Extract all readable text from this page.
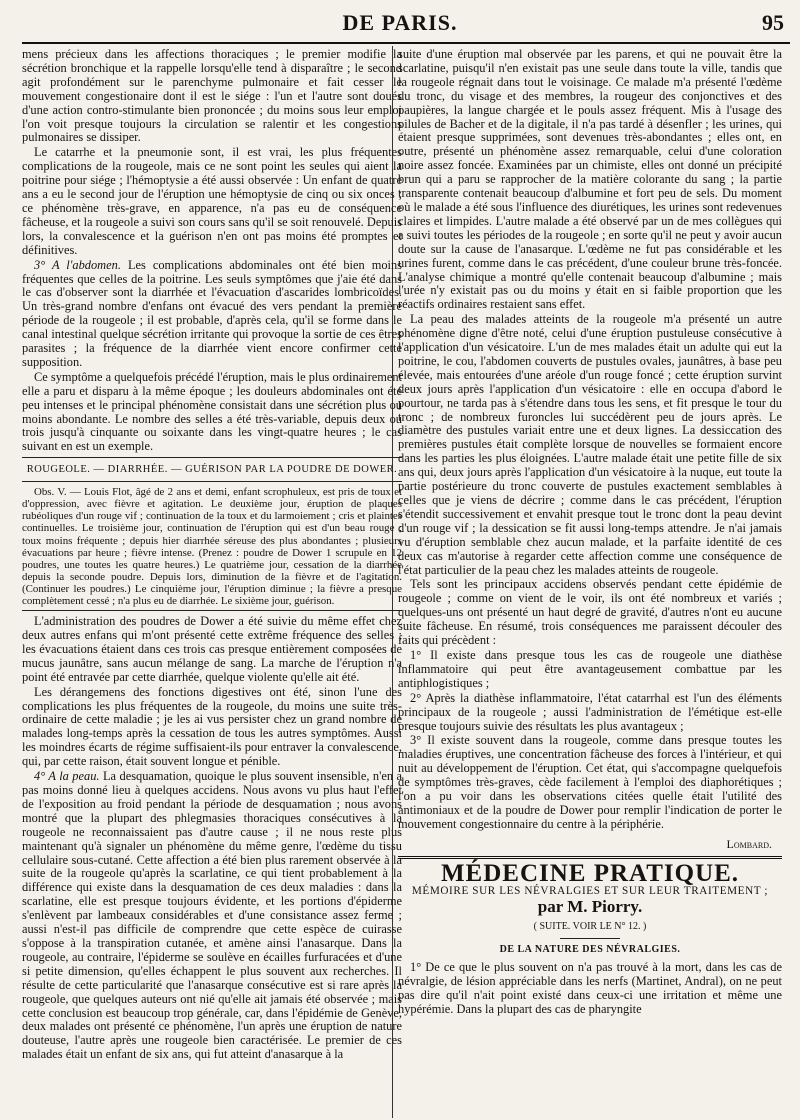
DE PARIS.	95

mens précieux dans les affections thoraciques ; le premier modifie la sécrétion bronchique et la rappelle lorsqu'elle tend à disparaître ; le second agit profondément sur le parenchyme pulmonaire et fait cesser le mouvement congestionaire dont il est le siége : l'un et l'autre sont doués d'une action contro-stimulante bien prononcée ; du moins sous leur emploi l'on voit presque toujours la circulation se ralentir et les congestions pulmonaires se dissiper.

Le catarrhe et la pneumonie sont, il est vrai, les plus fréquentes complications de la rougeole, mais ce ne sont point les seules qui aient la poitrine pour siége ; l'hémoptysie a été aussi observée : Un enfant de quatre ans a eu le second jour de l'éruption une hémoptysie de cinq ou six onces ; ce phénomène très-grave, en apparence, n'a pas eu de conséquence fâcheuse, et la rougeole a suivi son cours sans qu'il se soit renouvelé. Depuis lors, la convalescence et la guérison n'en ont pas moins été promptes et définitives.

3° A l'abdomen. Les complications abdominales ont été bien moins fréquentes que celles de la poitrine. Les seuls symptômes que j'aie été dans le cas d'observer sont la diarrhée et l'évacuation d'ascarides lombricoïdes. Un très-grand nombre d'enfans ont évacué des vers pendant la première période de la rougeole ; il est probable, d'après cela, qu'il se forme dans le canal intestinal quelque sécrétion irritante qui provoque la sortie de ces êtres parasites ; la fréquence de la diarrhée vient encore confirmer cette supposition.

Ce symptôme a quelquefois précédé l'éruption, mais le plus ordinairement elle a paru et disparu à la même époque ; les douleurs abdominales ont été peu intenses et le principal phénomène consistait dans une sécrétion plus ou moins abondante. Le nombre des selles a été très-variable, depuis deux ou trois jusqu'à cinquante ou soixante dans les vingt-quatre heures ; le cas suivant en est un exemple.

ROUGEOLE. — DIARRHÉE. — GUÉRISON PAR LA POUDRE DE DOWER.

Obs. V. — Louis Flot, âgé de 2 ans et demi, enfant scrophuleux, est pris de toux et d'oppression, avec fièvre et agitation. Le deuxième jour, éruption de plaques rubéoliques d'un rouge vif ; continuation de la toux et du larmoiement ; cris et plaintes continuelles. Le troisième jour, continuation de l'éruption qui est d'un beau rouge ; toux moins fréquente ; depuis hier diarrhée séreuse des plus abondantes ; plusieurs évacuations par heure ; fièvre intense. (Prenez : poudre de Dower 1 scrupule en 12 poudres, une toutes les quatre heures.) Le quatrième jour, cessation de la diarrhée depuis la seconde poudre. Depuis lors, diminution de la fièvre et de l'agitation. (Continuer les poudres.) Le cinquième jour, l'éruption diminue ; la fièvre a presque complètement cessé ; n'a plus eu de diarrhée. Le sixième jour, guérison.

L'administration des poudres de Dower a été suivie du même effet chez deux autres enfans qui m'ont présenté cette extrême fréquence des selles ; les évacuations étaient dans ces trois cas presque entièrement composées de mucus jaunâtre, sans aucun mélange de sang. La marche de l'éruption n'a point été entravée par cette diarrhée, quelque violente qu'elle ait été.

Les dérangemens des fonctions digestives ont été, sinon l'une des complications les plus fréquentes de la rougeole, du moins une suite très-ordinaire de cette maladie ; je les ai vus persister chez un grand nombre de malades long-temps après la cessation de tous les autres symptômes. Aussi les moindres écarts de régime suffisaient-ils pour entraver la convalescence, qui, par cette raison, était souvent longue et pénible.

4° A la peau. La desquamation, quoique le plus souvent insensible, n'en a pas moins donné lieu à quelques accidens. Nous avons vu plus haut l'effet de l'exposition au froid pendant la période de desquamation ; nous avons montré que la plupart des phlegmasies thoraciques consécutives à la rougeole ne reconnaissaient pas d'autre cause ; il ne nous reste plus maintenant qu'à signaler un phénomène du même genre, l'œdème du tissu cellulaire sous-cutané. Cette affection a été bien plus rarement observée à la suite de la rougeole qu'après la scarlatine, ce qui tient probablement à la différence qui existe dans la desquamation de ces deux maladies : dans la scarlatine, elle est presque toujours évidente, et les portions d'épiderme s'enlèvent par lambeaux considérables et d'une consistance assez ferme ; aussi n'est-il pas difficile de comprendre que cette espèce de cuirasse s'oppose à la transpiration cutanée, et amène ainsi l'anasarque. Dans la rougeole, au contraire, l'épiderme se soulève en écailles furfuracées et d'une si petite dimension, qu'elles échappent le plus souvent aux recherches. Il résulte de cette particularité que l'anasarque consécutive est si rare après la rougeole, que quelques auteurs ont nié qu'elle ait jamais été observée ; mais cette conclusion est beaucoup trop générale, car, dans l'épidémie de Genève, deux malades ont présenté ce phénomène, l'un après une éruption de nature douteuse, l'autre après une rougeole bien caractérisée. Le premier de ces malades était un enfant de six ans, qui fut atteint d'anasarque à la

suite d'une éruption mal observée par les parens, et qui ne pouvait être la scarlatine, puisqu'il n'en existait pas une seule dans toute la ville, tandis que la rougeole régnait dans tout le voisinage. Ce malade m'a présenté l'œdème du tronc, du visage et des membres, la rougeur des conjonctives et des paupières, la langue chargée et le pouls assez fréquent. Mis à l'usage des pilules de Bacher et de la digitale, il n'a pas tardé à désenfler ; les urines, qui étaient presque supprimées, sont devenues très-abondantes ; elles ont, en outre, présenté un phénomène assez remarquable, celui d'une coloration noire assez foncée. Examinées par un chimiste, elles ont donné un précipité brun qui a paru se rapprocher de la matière colorante du sang ; la partie transparente contenait beaucoup d'albumine et fort peu de sels. Du moment où le malade a été sous l'influence des diurétiques, les urines sont redevenues claires et limpides. L'autre malade a été observé par un de mes collègues qui a suivi toutes les périodes de la rougeole ; en sorte qu'il ne peut y avoir aucun doute sur la cause de l'anasarque. L'œdème ne fut pas considérable et les urines furent, comme dans le cas précédent, d'une couleur brune très-foncée. L'analyse chimique a montré qu'elle contenait beaucoup d'albumine ; mais l'urée n'y existait pas ou du moins y était en si faible proportion que les réactifs ordinaires restaient sans effet.

La peau des malades atteints de la rougeole m'a présenté un autre phénomène digne d'être noté, celui d'une éruption pustuleuse consécutive à l'application d'un vésicatoire. L'un de mes malades était un adulte qui eut la poitrine, le cou, l'abdomen couverts de pustules ovales, jaunâtres, à base peu élevée, mais entourées d'une aréole d'un rouge foncé ; cette éruption survint deux jours après l'application d'un vésicatoire : elle en occupa d'abord le pourtour, ne tarda pas à s'étendre dans tous les sens, et fit presque le tour du tronc ; de nombreux furoncles lui succédèrent peu de jours après. Le diamètre des pustules variait entre une et deux lignes. La dessiccation des premières pustules était complète lorsque de nouvelles se formaient encore dans les parties les plus éloignées. L'autre malade était une petite fille de six ans qui, deux jours après l'application d'un vésicatoire à la nuque, eut toute la partie postérieure du tronc couverte de pustules exactement semblables à celles que je viens de décrire ; comme dans le cas précédent, l'éruption s'étendit successivement et envahit presque tout le tronc dont la peau devint d'un rouge vif ; la dessication se fit aussi long-temps attendre. Je n'ai jamais vu d'éruption semblable chez aucun malade, et la parfaite identité de ces deux cas m'autorise à regarder cette affection comme une conséquence de l'état particulier de la peau chez les malades atteints de rougeole.

Tels sont les principaux accidens observés pendant cette épidémie de rougeole ; comme on vient de le voir, ils ont été nombreux et variés ; quelques-uns ont présenté un haut degré de gravité, d'autres n'ont eu aucune suite fâcheuse. En résumé, trois conséquences me paraissent découler des faits qui précèdent :

1° Il existe dans presque tous les cas de rougeole une diathèse inflammatoire qui peut être avantageusement combattue par les antiphlogistiques ;

2° Après la diathèse inflammatoire, l'état catarrhal est l'un des éléments principaux de la rougeole ; aussi l'administration de l'émétique est-elle presque toujours suivie des résultats les plus avantageux ;

3° Il existe souvent dans la rougeole, comme dans presque toutes les maladies éruptives, une concentration fâcheuse des forces à l'intérieur, et qui nuit au développement de l'éruption. Cet état, qui s'accompagne quelquefois de symptômes très-graves, cède facilement à l'emploi des diaphorétiques ; l'on a pu voir dans les observations citées quelle était l'utilité des antimoniaux et de la poudre de Dower pour remplir l'indication de porter le mouvement congestionnaire du centre à la périphérie.

Lombard.
MÉDECINE PRATIQUE.
MÉMOIRE SUR LES NÉVRALGIES ET SUR LEUR TRAITEMENT ;
par M. Piorry.
( SUITE. VOIR LE N° 12. )
DE LA NATURE DES NÉVRALGIES.

1° De ce que le plus souvent on n'a pas trouvé à la mort, dans les cas de névralgie, de lésion appréciable dans les nerfs (Martinet, Andral), on ne peut pas dire qu'il n'ait point existé dans ceux-ci une irritation et même une hypérémie. Dans la plupart des cas de pharyngite
